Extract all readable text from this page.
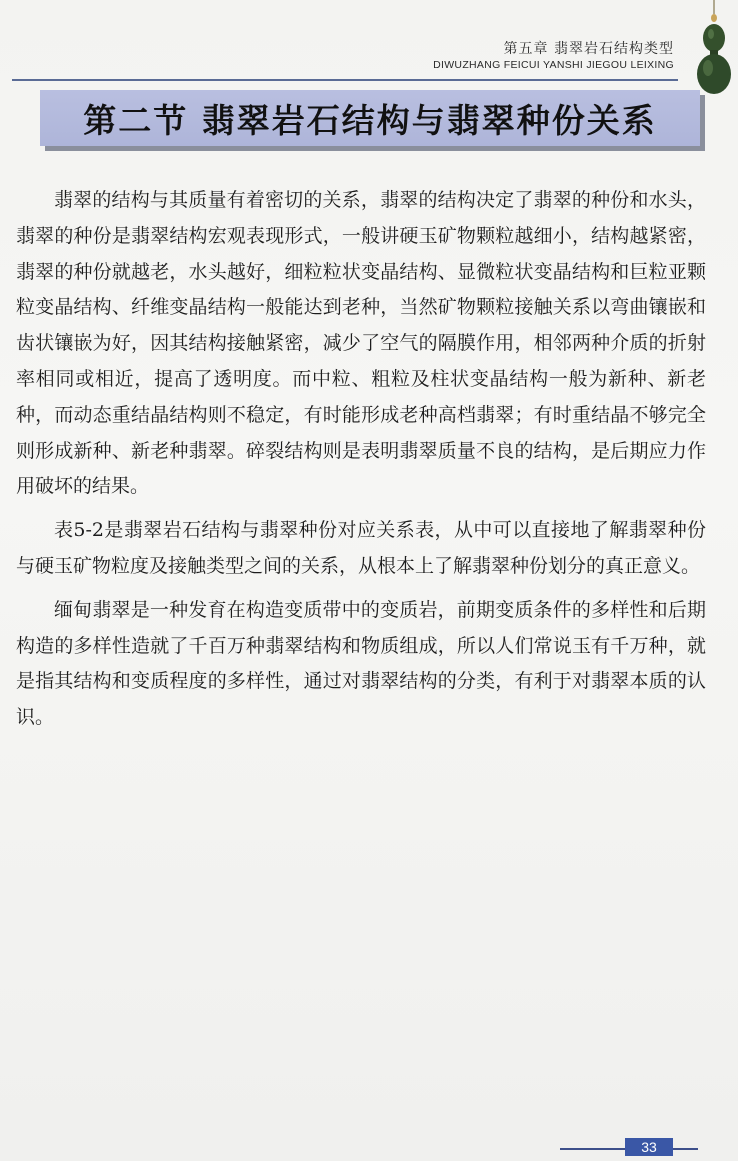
第五章 翡翠岩石结构类型
DIWUZHANG FEICUI YANSHI JIEGOU LEIXING
第二节 翡翠岩石结构与翡翠种份关系

翡翠的结构与其质量有着密切的关系，翡翠的结构决定了翡翠的种份和水头，翡翠的种份是翡翠结构宏观表现形式，一般讲硬玉矿物颗粒越细小，结构越紧密，翡翠的种份就越老，水头越好，细粒粒状变晶结构、显微粒状变晶结构和巨粒亚颗粒变晶结构、纤维变晶结构一般能达到老种，当然矿物颗粒接触关系以弯曲镶嵌和齿状镶嵌为好，因其结构接触紧密，减少了空气的隔膜作用，相邻两种介质的折射率相同或相近，提高了透明度。而中粒、粗粒及柱状变晶结构一般为新种、新老种，而动态重结晶结构则不稳定，有时能形成老种高档翡翠；有时重结晶不够完全则形成新种、新老种翡翠。碎裂结构则是表明翡翠质量不良的结构，是后期应力作用破坏的结果。

表5-2是翡翠岩石结构与翡翠种份对应关系表，从中可以直接地了解翡翠种份与硬玉矿物粒度及接触类型之间的关系，从根本上了解翡翠种份划分的真正意义。

缅甸翡翠是一种发育在构造变质带中的变质岩，前期变质条件的多样性和后期构造的多样性造就了千百万种翡翠结构和物质组成，所以人们常说玉有千万种，就是指其结构和变质程度的多样性，通过对翡翠结构的分类，有利于对翡翠本质的认识。

33
